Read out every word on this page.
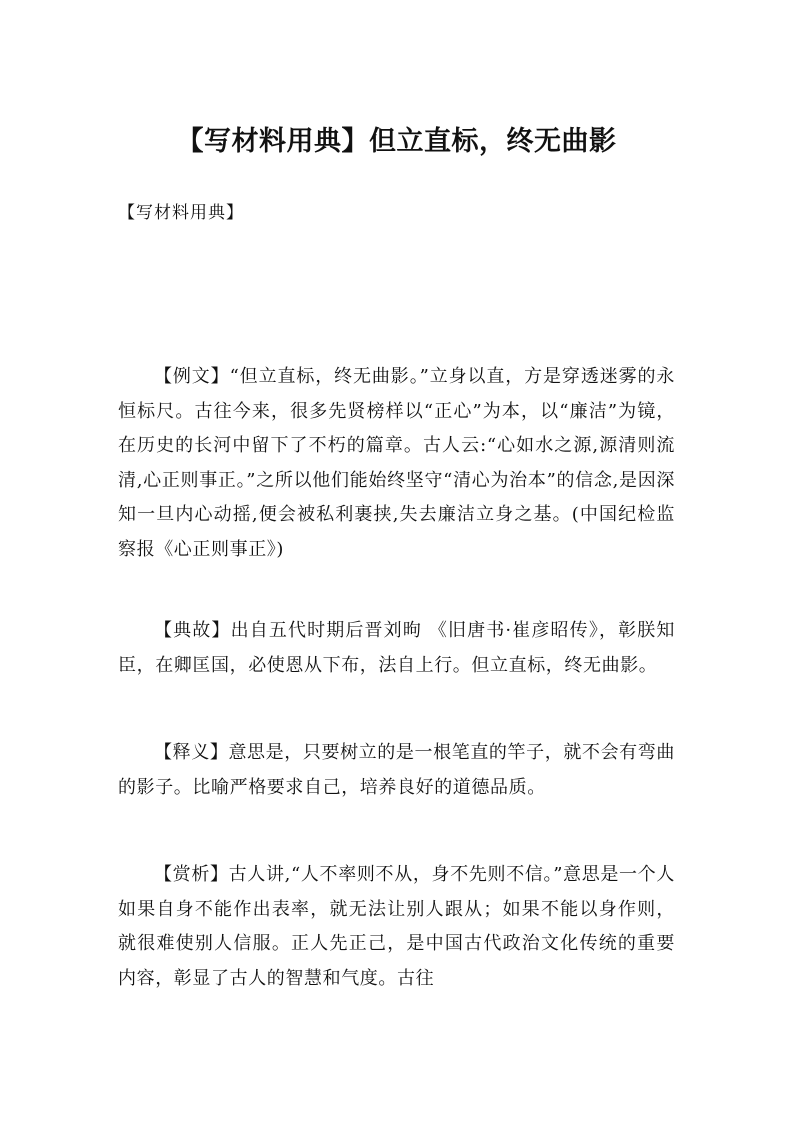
【写材料用典】但立直标，终无曲影

【写材料用典】

【例文】“但立直标，终无曲影。”立身以直，方是穿透迷雾的永恒标尺。古往今来，很多先贤榜样以“正心”为本，以“廉洁”为镜，在历史的长河中留下了不朽的篇章。古人云:“心如水之源,源清则流清,心正则事正。”之所以他们能始终坚守“清心为治本”的信念,是因深知一旦内心动摇,便会被私利裹挟,失去廉洁立身之基。(中国纪检监察报《心正则事正》)

【典故】出自五代时期后晋刘昫 《旧唐书·崔彦昭传》，彰朕知臣，在卿匡国，必使恩从下布，法自上行。但立直标，终无曲影。

【释义】意思是，只要树立的是一根笔直的竿子，就不会有弯曲的影子。比喻严格要求自己，培养良好的道德品质。

【赏析】古人讲,“人不率则不从，身不先则不信。”意思是一个人如果自身不能作出表率，就无法让别人跟从；如果不能以身作则，就很难使别人信服。正人先正己，是中国古代政治文化传统的重要内容，彰显了古人的智慧和气度。古往
